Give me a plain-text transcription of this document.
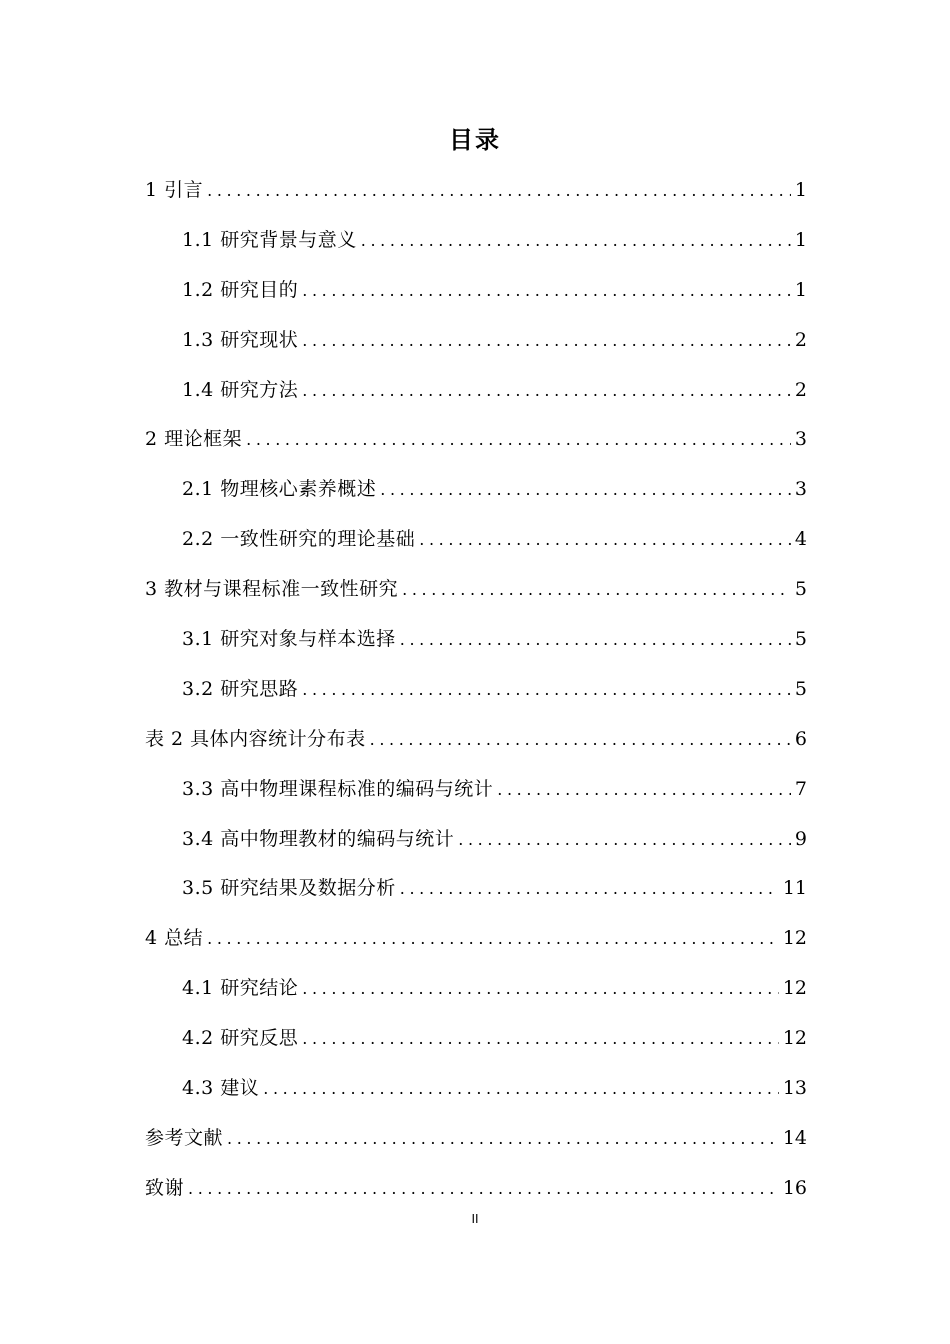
目录
1 引言 .....	1
1.1 研究背景与意义 .....	1
1.2 研究目的 .....	1
1.3 研究现状 .....	2
1.4 研究方法 .....	2
2 理论框架 .....	3
2.1 物理核心素养概述 .....	3
2.2 一致性研究的理论基础 .....	4
3 教材与课程标准一致性研究 .....	5
3.1 研究对象与样本选择 .....	5
3.2 研究思路 .....	5
表 2 具体内容统计分布表 .....	6
3.3 高中物理课程标准的编码与统计 .....	7
3.4 高中物理教材的编码与统计 .....	9
3.5 研究结果及数据分析 .....	11
4 总结 .....	12
4.1 研究结论 .....	12
4.2 研究反思 .....	12
4.3 建议 .....	13
参考文献 .....	14
致谢 .....	16
II
